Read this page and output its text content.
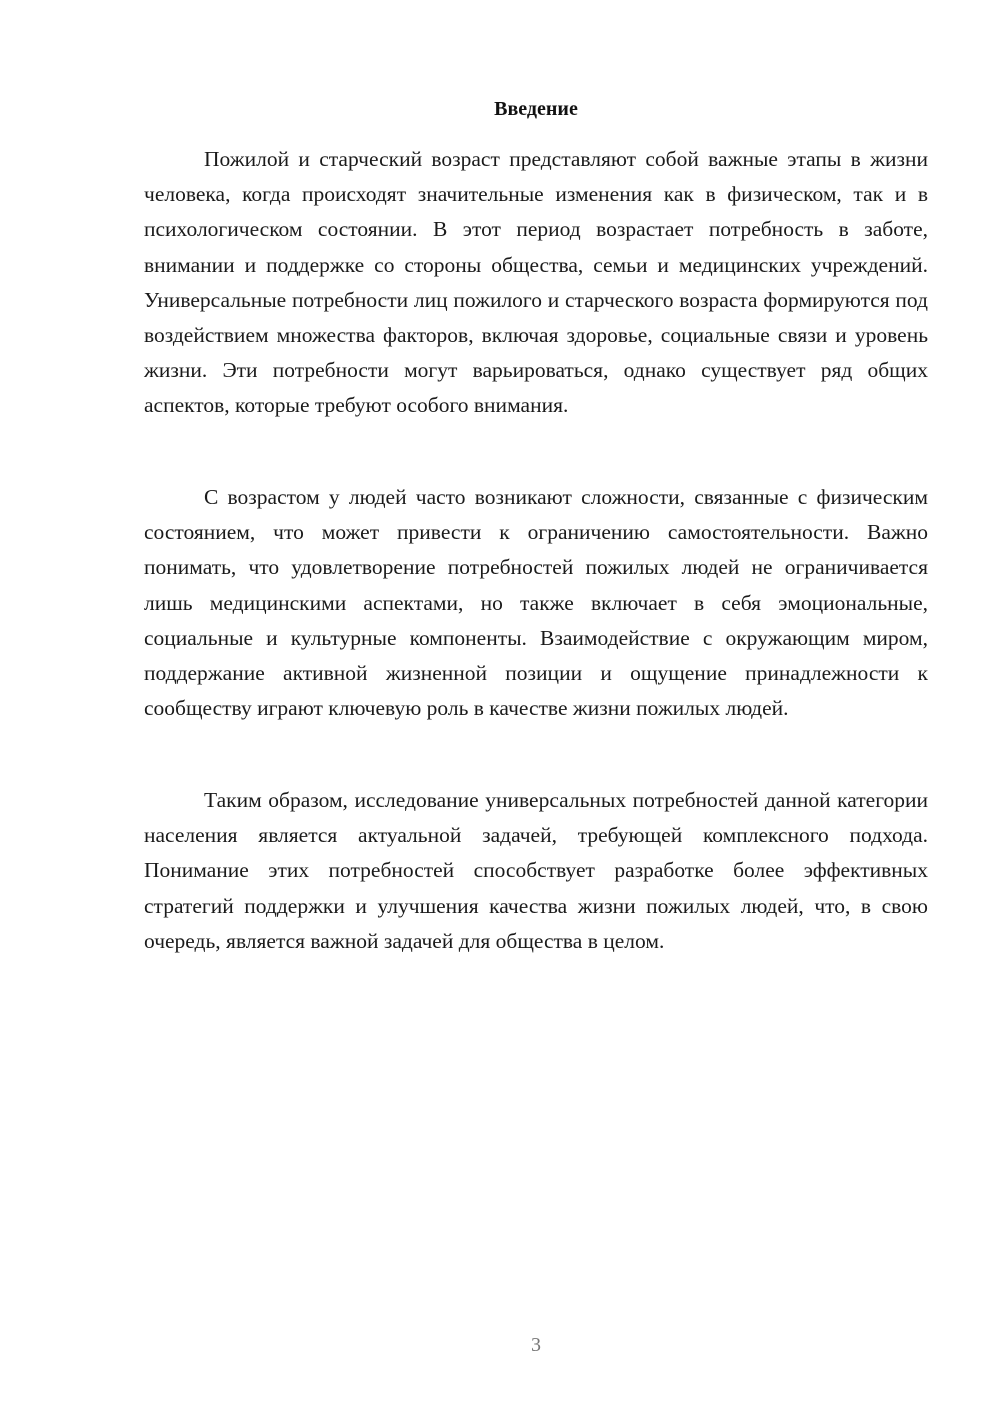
Введение

Пожилой и старческий возраст представляют собой важные этапы в жизни человека, когда происходят значительные изменения как в физическом, так и в психологическом состоянии. В этот период возрастает потребность в заботе, внимании и поддержке со стороны общества, семьи и медицинских учреждений. Универсальные потребности лиц пожилого и старческого возраста формируются под воздействием множества факторов, включая здоровье, социальные связи и уровень жизни. Эти потребности могут варьироваться, однако существует ряд общих аспектов, которые требуют особого внимания.

С возрастом у людей часто возникают сложности, связанные с физическим состоянием, что может привести к ограничению самостоятельности. Важно понимать, что удовлетворение потребностей пожилых людей не ограничивается лишь медицинскими аспектами, но также включает в себя эмоциональные, социальные и культурные компоненты. Взаимодействие с окружающим миром, поддержание активной жизненной позиции и ощущение принадлежности к сообществу играют ключевую роль в качестве жизни пожилых людей.

Таким образом, исследование универсальных потребностей данной категории населения является актуальной задачей, требующей комплексного подхода. Понимание этих потребностей способствует разработке более эффективных стратегий поддержки и улучшения качества жизни пожилых людей, что, в свою очередь, является важной задачей для общества в целом.

3
